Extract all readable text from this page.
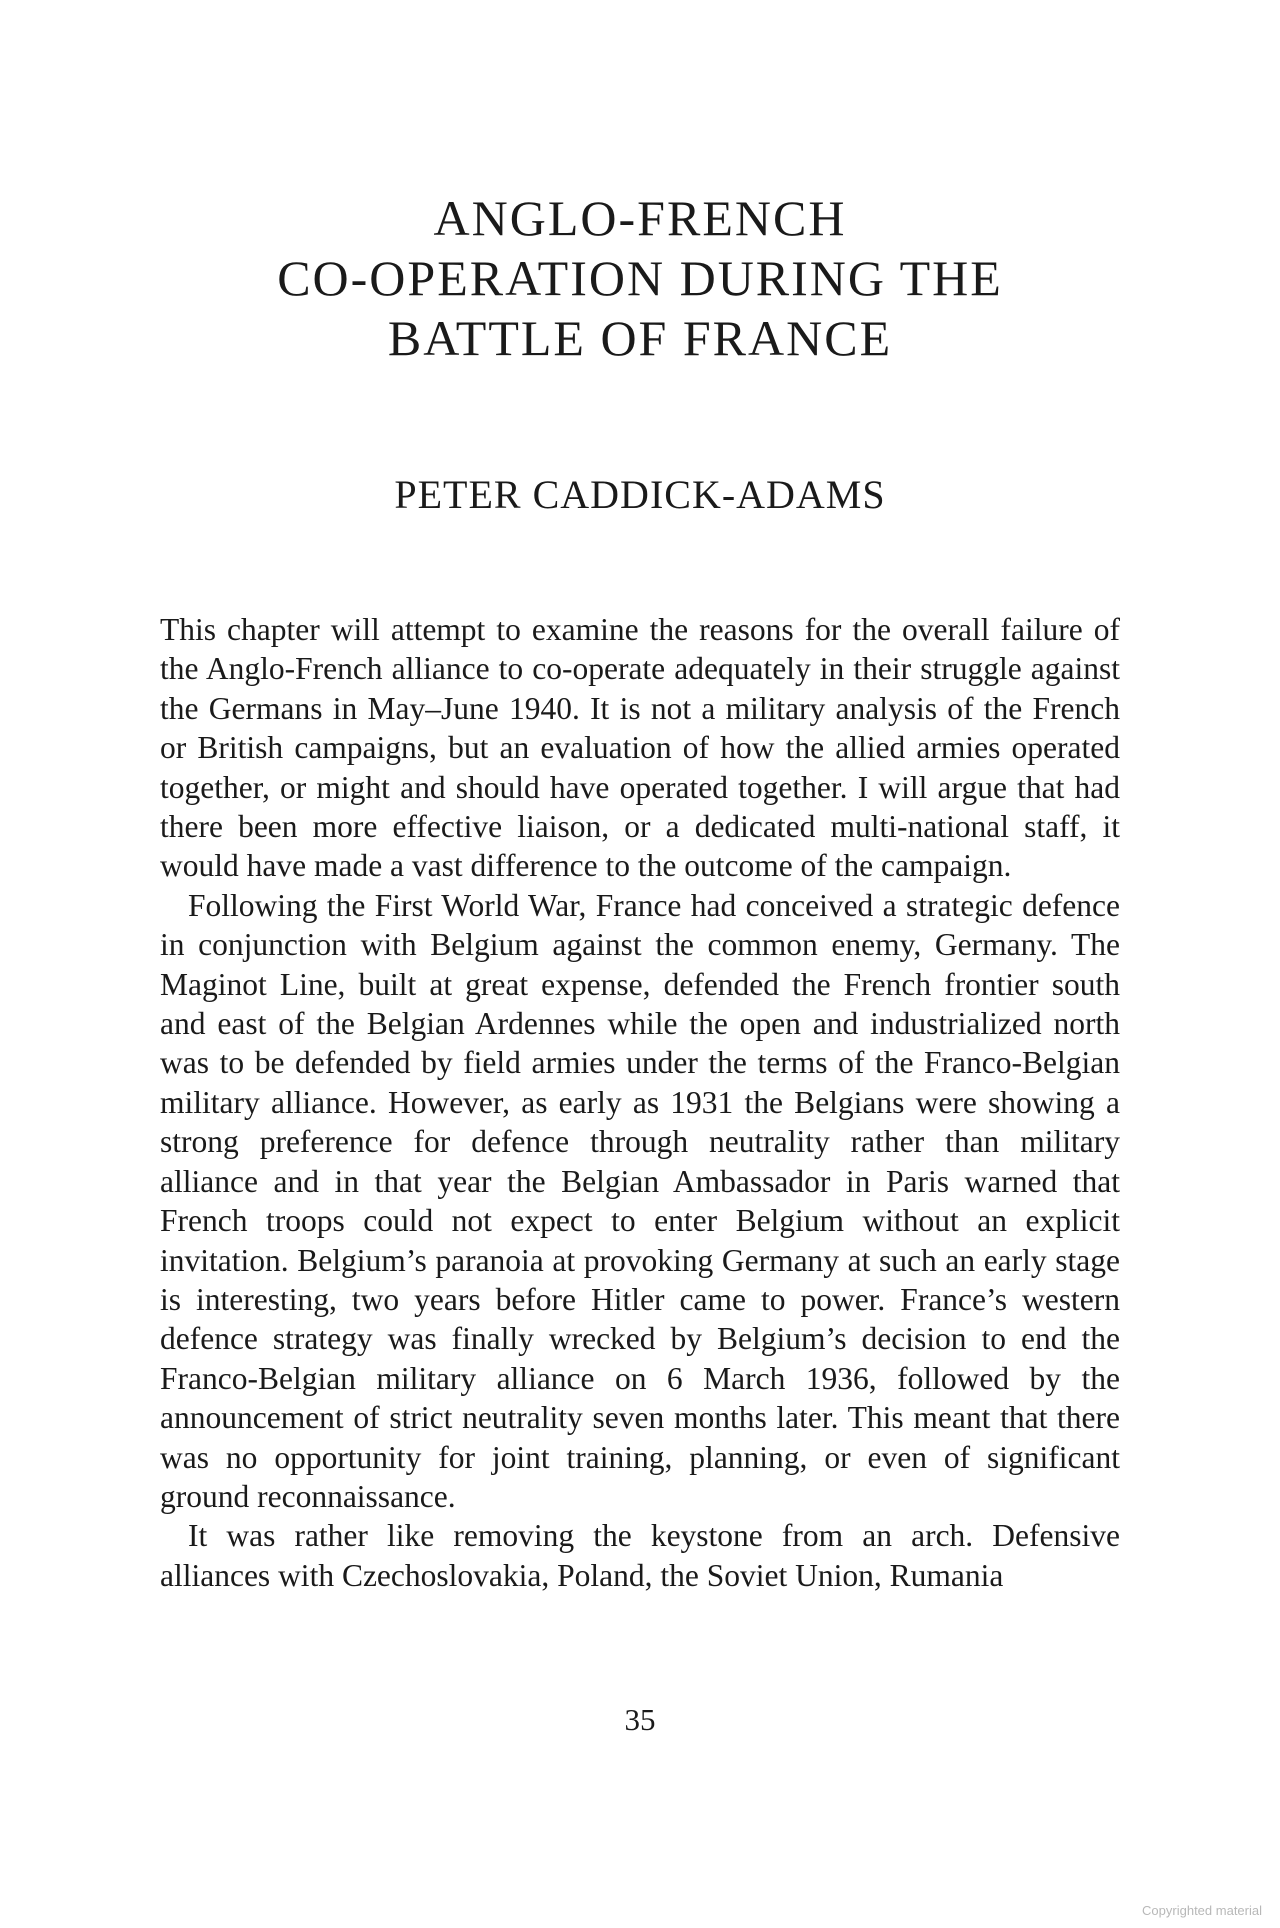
ANGLO-FRENCH
CO-OPERATION DURING THE
BATTLE OF FRANCE
PETER CADDICK-ADAMS

This chapter will attempt to examine the reasons for the overall failure of the Anglo-French alliance to co-operate adequately in their struggle against the Germans in May–June 1940. It is not a military analysis of the French or British campaigns, but an evaluation of how the allied armies operated together, or might and should have operated together. I will argue that had there been more effective liaison, or a dedicated multi-national staff, it would have made a vast difference to the outcome of the campaign.

Following the First World War, France had conceived a strategic defence in conjunction with Belgium against the common enemy, Germany. The Maginot Line, built at great expense, defended the French frontier south and east of the Belgian Ardennes while the open and industrialized north was to be defended by field armies under the terms of the Franco-Belgian military alliance. However, as early as 1931 the Belgians were showing a strong preference for defence through neutrality rather than military alliance and in that year the Belgian Ambassador in Paris warned that French troops could not expect to enter Belgium without an explicit invitation. Belgium’s paranoia at provoking Germany at such an early stage is interesting, two years before Hitler came to power. France’s western defence strategy was finally wrecked by Belgium’s decision to end the Franco-Belgian military alliance on 6 March 1936, followed by the announcement of strict neutrality seven months later. This meant that there was no opportunity for joint training, planning, or even of significant ground reconnaissance.

It was rather like removing the keystone from an arch. Defensive alliances with Czechoslovakia, Poland, the Soviet Union, Rumania

35
Copyrighted material
